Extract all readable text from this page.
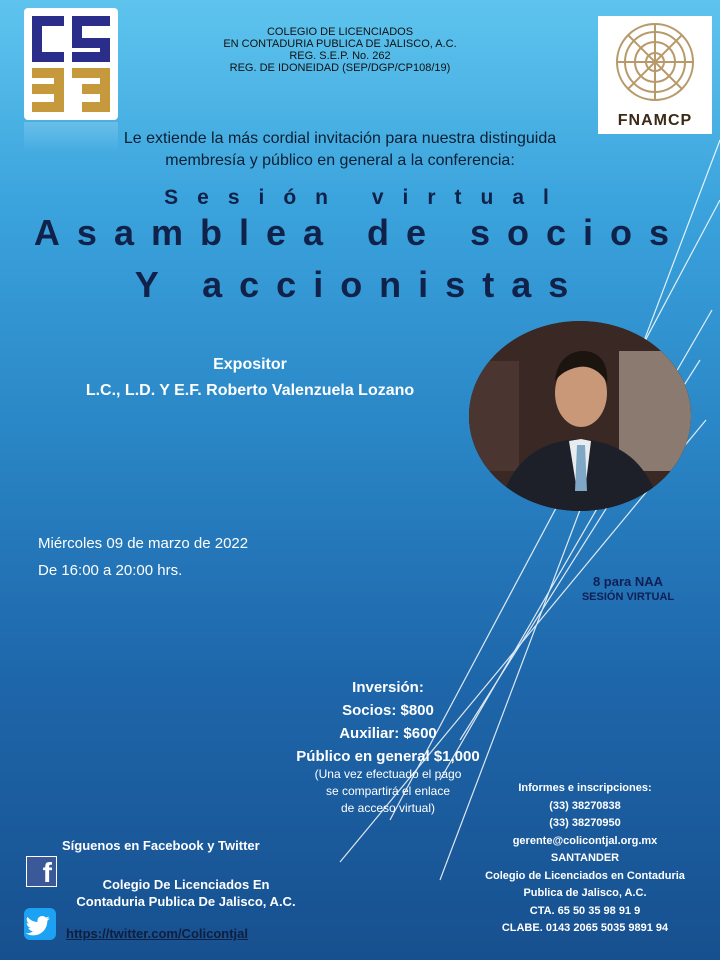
COLEGIO DE LICENCIADOS
EN CONTADURIA PUBLICA DE JALISCO, A.C.
REG. S.E.P. No. 262
REG. DE IDONEIDAD (SEP/DGP/CP108/19)
FNAMCP
Le extiende la más cordial invitación para nuestra distinguida
membresía y público en general a la conferencia:
Sesión virtual
Asamblea de socios
Y accionistas
Expositor
L.C., L.D. Y E.F. Roberto Valenzuela Lozano
Miércoles 09 de marzo de 2022
De 16:00 a 20:00 hrs.
8 para NAA
SESIÓN VIRTUAL
Inversión:
Socios: $800
Auxiliar: $600
Público en general $1,000
(Una vez efectuado el pago
se compartirá el enlace
de acceso virtual)
Informes e inscripciones:
(33) 38270838
(33) 38270950
gerente@colicontjal.org.mx
SANTANDER
Colegio de Licenciados en Contaduria
Publica de Jalisco, A.C.
CTA. 65 50 35 98 91 9
CLABE. 0143 2065 5035 9891 94
Síguenos en Facebook y Twitter
f	Colegio De Licenciados En
Contaduria Publica De Jalisco, A.C.
https://twitter.com/Colicontjal
